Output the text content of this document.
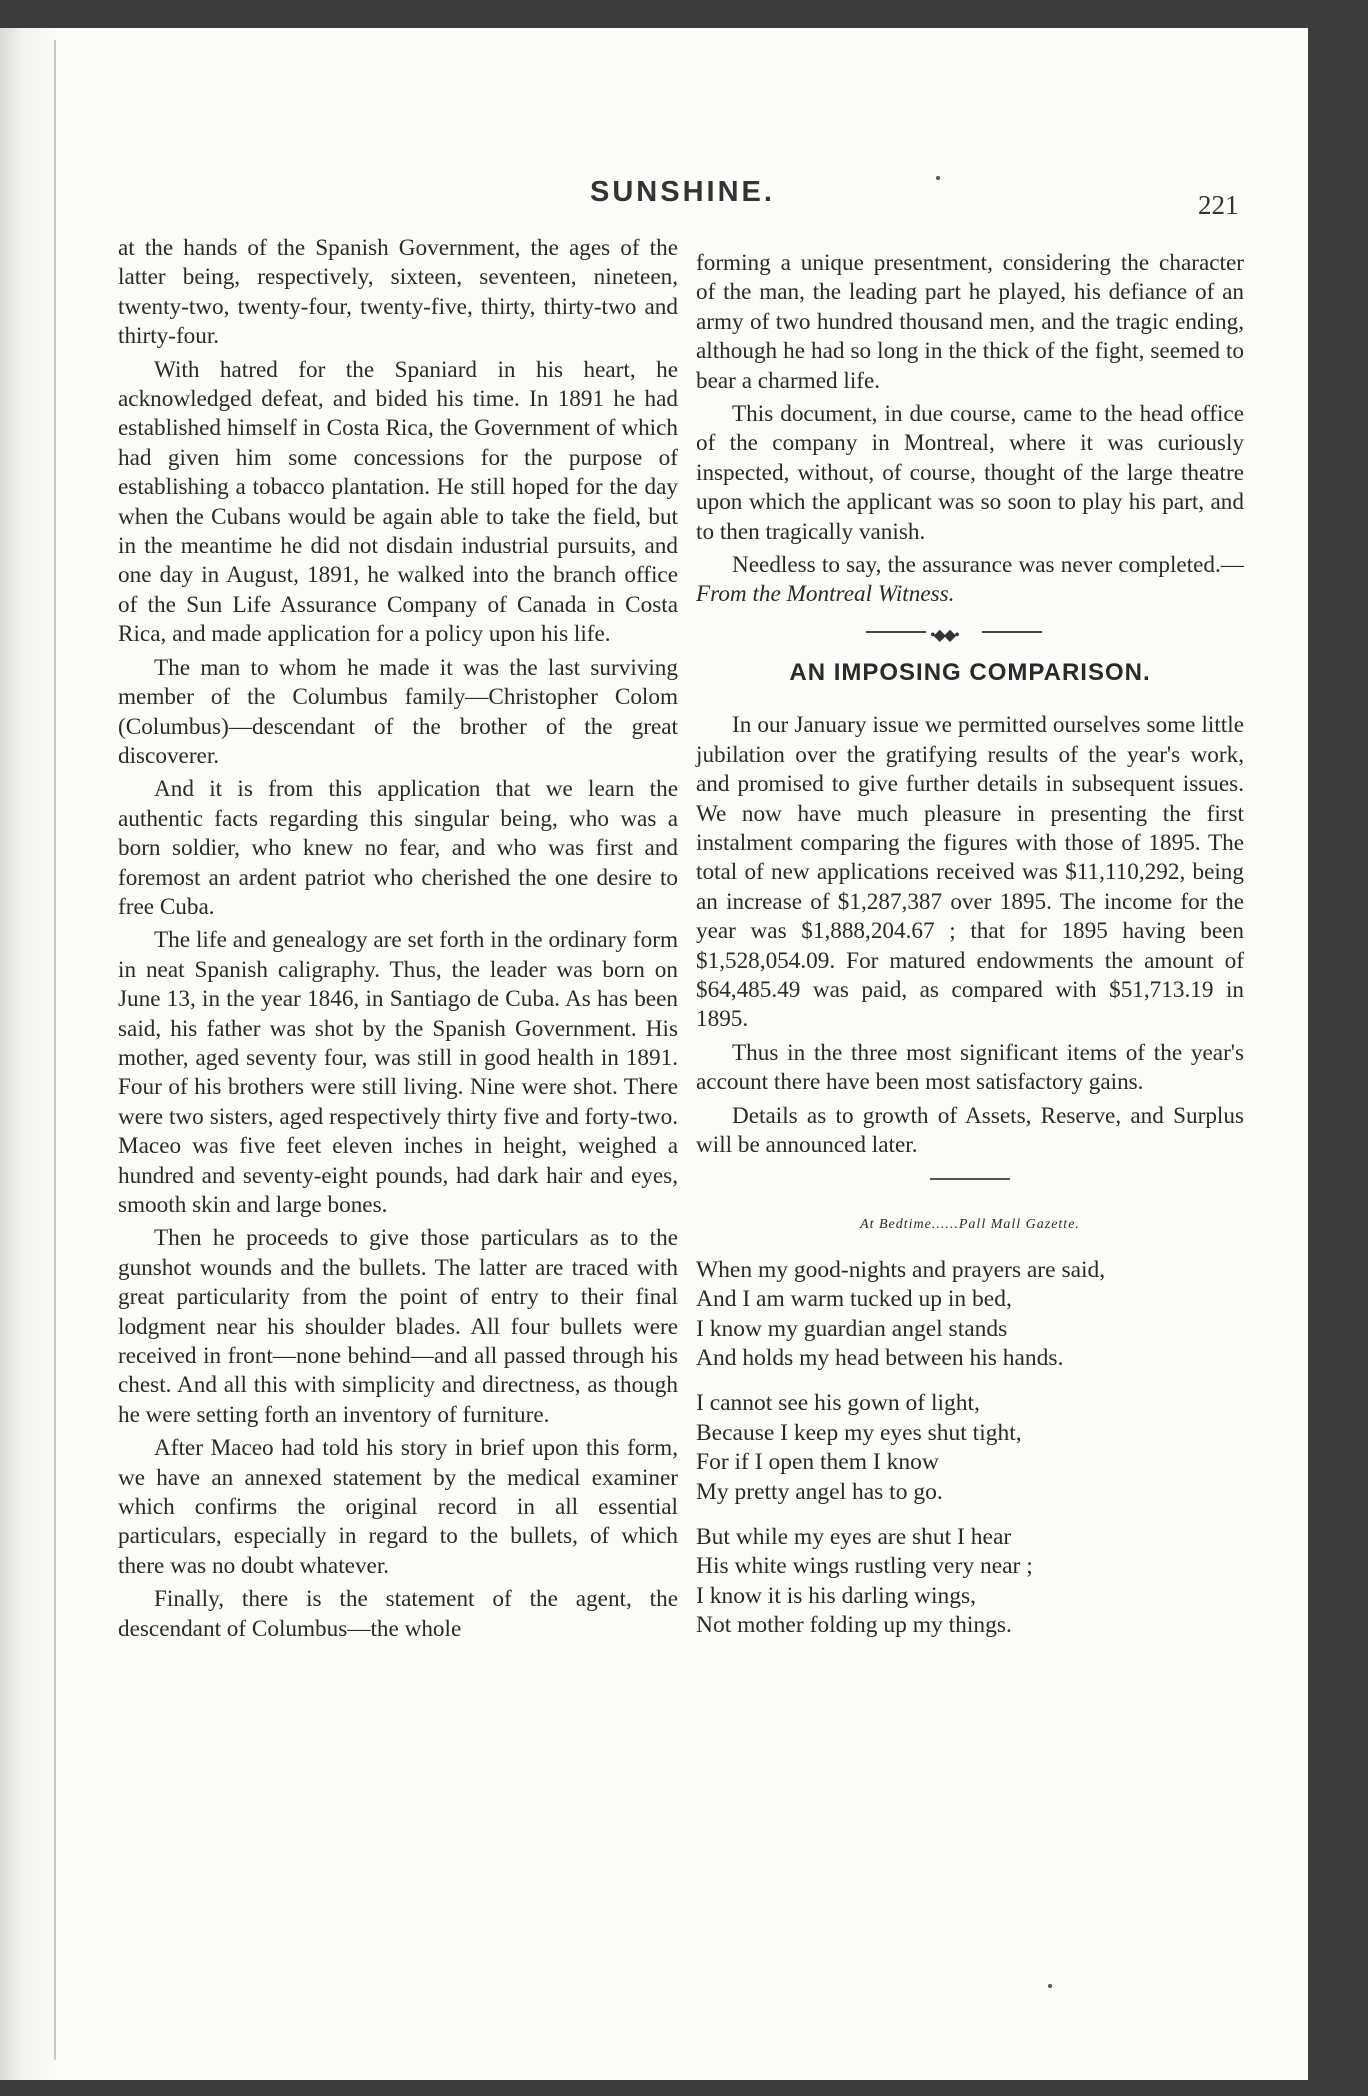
SUNSHINE.	221

at the hands of the Spanish Government, the ages of the latter being, respectively, sixteen, seventeen, nineteen, twenty-two, twenty-four, twenty-five, thirty, thirty-two and thirty-four.

With hatred for the Spaniard in his heart, he acknowledged defeat, and bided his time. In 1891 he had established himself in Costa Rica, the Government of which had given him some concessions for the purpose of establishing a tobacco plantation. He still hoped for the day when the Cubans would be again able to take the field, but in the meantime he did not disdain industrial pursuits, and one day in August, 1891, he walked into the branch office of the Sun Life Assurance Company of Canada in Costa Rica, and made application for a policy upon his life.

The man to whom he made it was the last surviving member of the Columbus family—Christopher Colom (Columbus)—descendant of the brother of the great discoverer.

And it is from this application that we learn the authentic facts regarding this singular being, who was a born soldier, who knew no fear, and who was first and foremost an ardent patriot who cherished the one desire to free Cuba.

The life and genealogy are set forth in the ordinary form in neat Spanish caligraphy. Thus, the leader was born on June 13, in the year 1846, in Santiago de Cuba. As has been said, his father was shot by the Spanish Government. His mother, aged seventy four, was still in good health in 1891. Four of his brothers were still living. Nine were shot. There were two sisters, aged respectively thirty five and forty-two. Maceo was five feet eleven inches in height, weighed a hundred and seventy-eight pounds, had dark hair and eyes, smooth skin and large bones.

Then he proceeds to give those particulars as to the gunshot wounds and the bullets. The latter are traced with great particularity from the point of entry to their final lodgment near his shoulder blades. All four bullets were received in front—none behind—and all passed through his chest. And all this with simplicity and directness, as though he were setting forth an inventory of furniture.

After Maceo had told his story in brief upon this form, we have an annexed statement by the medical examiner which confirms the original record in all essential particulars, especially in regard to the bullets, of which there was no doubt whatever.

Finally, there is the statement of the agent, the descendant of Columbus—the whole

forming a unique presentment, considering the character of the man, the leading part he played, his defiance of an army of two hundred thousand men, and the tragic ending, although he had so long in the thick of the fight, seemed to bear a charmed life.

This document, in due course, came to the head office of the company in Montreal, where it was curiously inspected, without, of course, thought of the large theatre upon which the applicant was so soon to play his part, and to then tragically vanish.

Needless to say, the assurance was never completed.—From the Montreal Witness.

•◆◆•
AN IMPOSING COMPARISON.

In our January issue we permitted ourselves some little jubilation over the gratifying results of the year's work, and promised to give further details in subsequent issues. We now have much pleasure in presenting the first instalment comparing the figures with those of 1895. The total of new applications received was $11,110,292, being an increase of $1,287,387 over 1895. The income for the year was $1,888,204.67 ; that for 1895 having been $1,528,054.09. For matured endowments the amount of $64,485.49 was paid, as compared with $51,713.19 in 1895.

Thus in the three most significant items of the year's account there have been most satisfactory gains.

Details as to growth of Assets, Reserve, and Surplus will be announced later.

At Bedtime......Pall Mall Gazette.
When my good-nights and prayers are said,
And I am warm tucked up in bed,
I know my guardian angel stands
And holds my head between his hands.
I cannot see his gown of light,
Because I keep my eyes shut tight,
For if I open them I know
My pretty angel has to go.
But while my eyes are shut I hear
His white wings rustling very near ;
I know it is his darling wings,
Not mother folding up my things.
